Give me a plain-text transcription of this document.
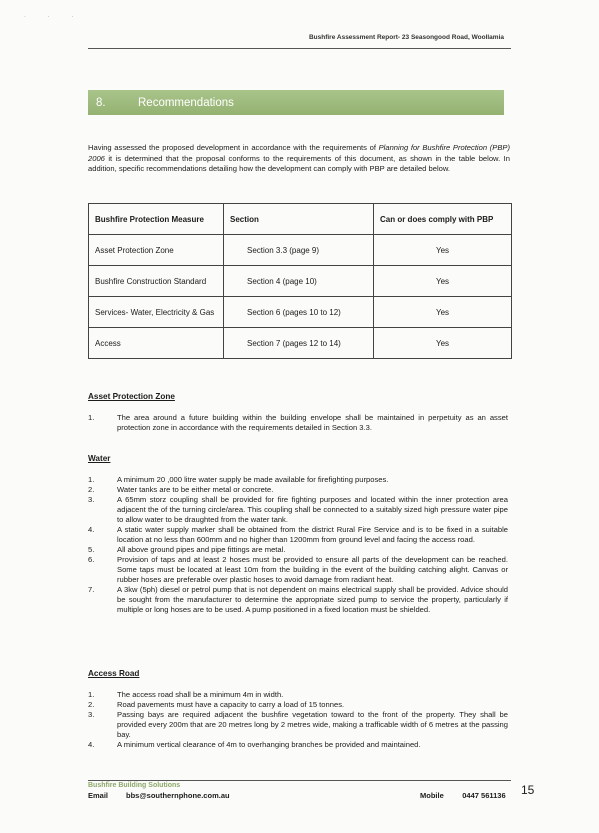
· · ·
Bushfire Assessment Report- 23 Seasongood Road, Woollamia
8.	Recommendations

Having assessed the proposed development in accordance with the requirements of Planning for Bushfire Protection (PBP) 2006 it is determined that the proposal conforms to the requirements of this document, as shown in the table below. In addition, specific recommendations detailing how the development can comply with PBP are detailed below.

Bushfire Protection Measure	Section	Can or does comply with PBP
Asset Protection Zone	Section 3.3 (page 9)	Yes
Bushfire Construction Standard	Section 4 (page 10)	Yes
Services- Water, Electricity & Gas	Section 6 (pages 10 to 12)	Yes
Access	Section 7 (pages 12 to 14)	Yes
Asset Protection Zone
1.	The area around a future building within the building envelope shall be maintained in perpetuity as an asset protection zone in accordance with the requirements detailed in Section 3.3.
Water
1.	A minimum 20 ,000 litre water supply be made available for firefighting purposes.
2.	Water tanks are to be either metal or concrete.
3.	A 65mm storz coupling shall be provided for fire fighting purposes and located within the inner protection area adjacent the of the turning circle/area. This coupling shall be connected to a suitably sized high pressure water pipe to allow water to be draughted from the water tank.
4.	A static water supply marker shall be obtained from the district Rural Fire Service and is to be fixed in a suitable location at no less than 600mm and no higher than 1200mm from ground level and facing the access road.
5.	All above ground pipes and pipe fittings are metal.
6.	Provision of taps and at least 2 hoses must be provided to ensure all parts of the development can be reached. Some taps must be located at least 10m from the building in the event of the building catching alight. Canvas or rubber hoses are preferable over plastic hoses to avoid damage from radiant heat.
7.	A 3kw (5ph) diesel or petrol pump that is not dependent on mains electrical supply shall be provided. Advice should be sought from the manufacturer to determine the appropriate sized pump to service the property, particularly if multiple or long hoses are to be used. A pump positioned in a fixed location must be shielded.
Access Road
1.	The access road shall be a minimum 4m in width.
2.	Road pavements must have a capacity to carry a load of 15 tonnes.
3.	Passing bays are required adjacent the bushfire vegetation toward to the front of the property. They shall be provided every 200m that are 20 metres long by 2 metres wide, making a trafficable width of 6 metres at the passing bay.
4.	A minimum vertical clearance of 4m to overhanging branches be provided and maintained.
Bushfire Building Solutions
Email bbs@southernphone.com.au	Mobile 0447 561136 15
